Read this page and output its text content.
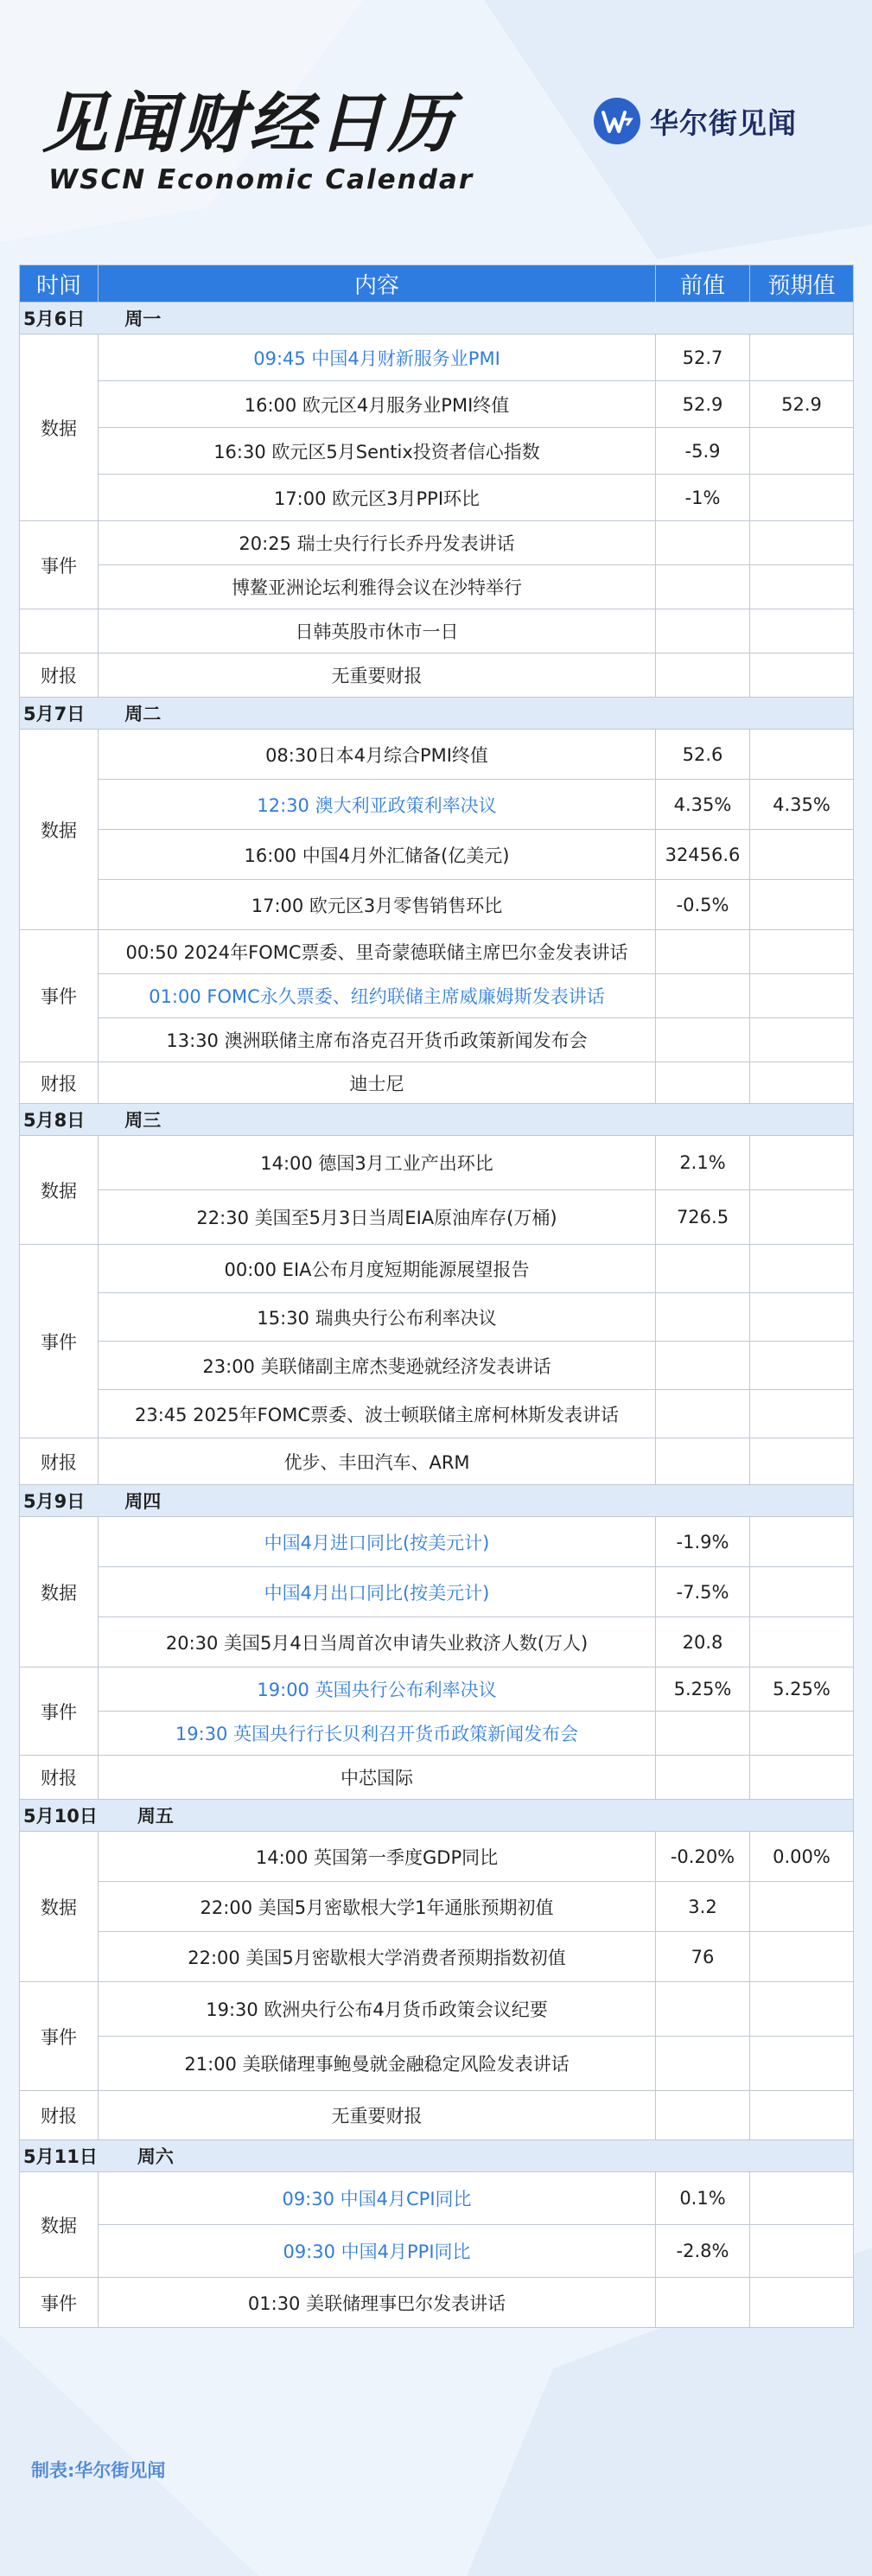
见闻财经日历
WSCN Economic Calendar
华尔街见闻
时间	内容	前值	预期值
5月6日 周一			
数据	09:45 中国4月财新服务业PMI	52.7	
	16:00 欧元区4月服务业PMI终值	52.9	52.9
	16:30 欧元区5月Sentix投资者信心指数	-5.9	
	17:00 欧元区3月PPI环比	-1%	
事件	20:25 瑞士央行行长乔丹发表讲话		
	博鳌亚洲论坛利雅得会议在沙特举行		
	日韩英股市休市一日		
财报	无重要财报		
5月7日 周二			
数据	08:30日本4月综合PMI终值	52.6	
	12:30 澳大利亚政策利率决议	4.35%	4.35%
	16:00 中国4月外汇储备(亿美元)	32456.6	
	17:00 欧元区3月零售销售环比	-0.5%	
事件	00:50 2024年FOMC票委、里奇蒙德联储主席巴尔金发表讲话		
	01:00 FOMC永久票委、纽约联储主席威廉姆斯发表讲话		
	13:30 澳洲联储主席布洛克召开货币政策新闻发布会		
财报	迪士尼		
5月8日 周三			
数据	14:00 德国3月工业产出环比	2.1%	
	22:30 美国至5月3日当周EIA原油库存(万桶)	726.5	
事件	00:00 EIA公布月度短期能源展望报告		
	15:30 瑞典央行公布利率决议		
	23:00 美联储副主席杰斐逊就经济发表讲话		
	23:45 2025年FOMC票委、波士顿联储主席柯林斯发表讲话		
财报	优步、丰田汽车、ARM		
5月9日 周四			
数据	中国4月进口同比(按美元计)	-1.9%	
	中国4月出口同比(按美元计)	-7.5%	
	20:30 美国5月4日当周首次申请失业救济人数(万人)	20.8	
事件	19:00 英国央行公布利率决议	5.25%	5.25%
	19:30 英国央行行长贝利召开货币政策新闻发布会		
财报	中芯国际		
5月10日 周五			
数据	14:00 英国第一季度GDP同比	-0.20%	0.00%
	22:00 美国5月密歇根大学1年通胀预期初值	3.2	
	22:00 美国5月密歇根大学消费者预期指数初值	76	
事件	19:30 欧洲央行公布4月货币政策会议纪要		
	21:00 美联储理事鲍曼就金融稳定风险发表讲话		
财报	无重要财报		
5月11日 周六			
数据	09:30 中国4月CPI同比	0.1%	
	09:30 中国4月PPI同比	-2.8%	
事件	01:30 美联储理事巴尔发表讲话		
制表:华尔街见闻
